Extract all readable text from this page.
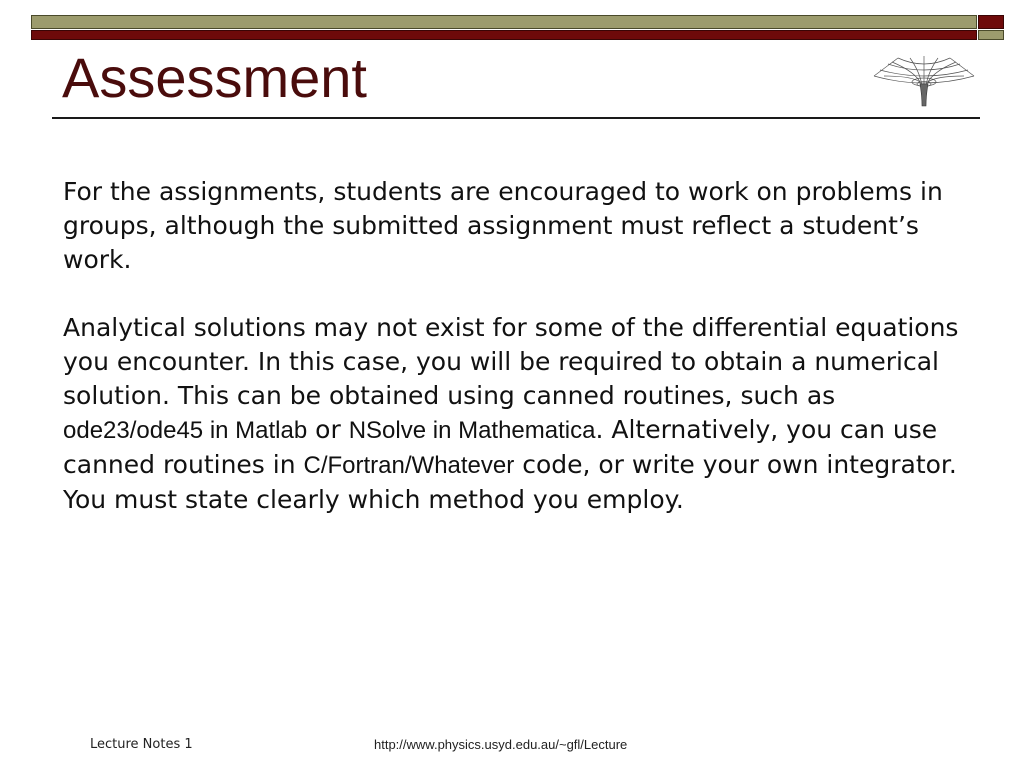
Assessment

For the assignments, students are encouraged to work on problems in groups, although the submitted assignment must reflect a student’s work.

Analytical solutions may not exist for some of the differential equations you encounter. In this case, you will be required to obtain a numerical solution. This can be obtained using canned routines, such as ode23/ode45 in Matlab or NSolve in Mathematica. Alternatively, you can use canned routines in C/Fortran/Whatever code, or write your own integrator. You must state clearly which method you employ.

Lecture Notes 1	http://www.physics.usyd.edu.au/~gfl/Lecture
